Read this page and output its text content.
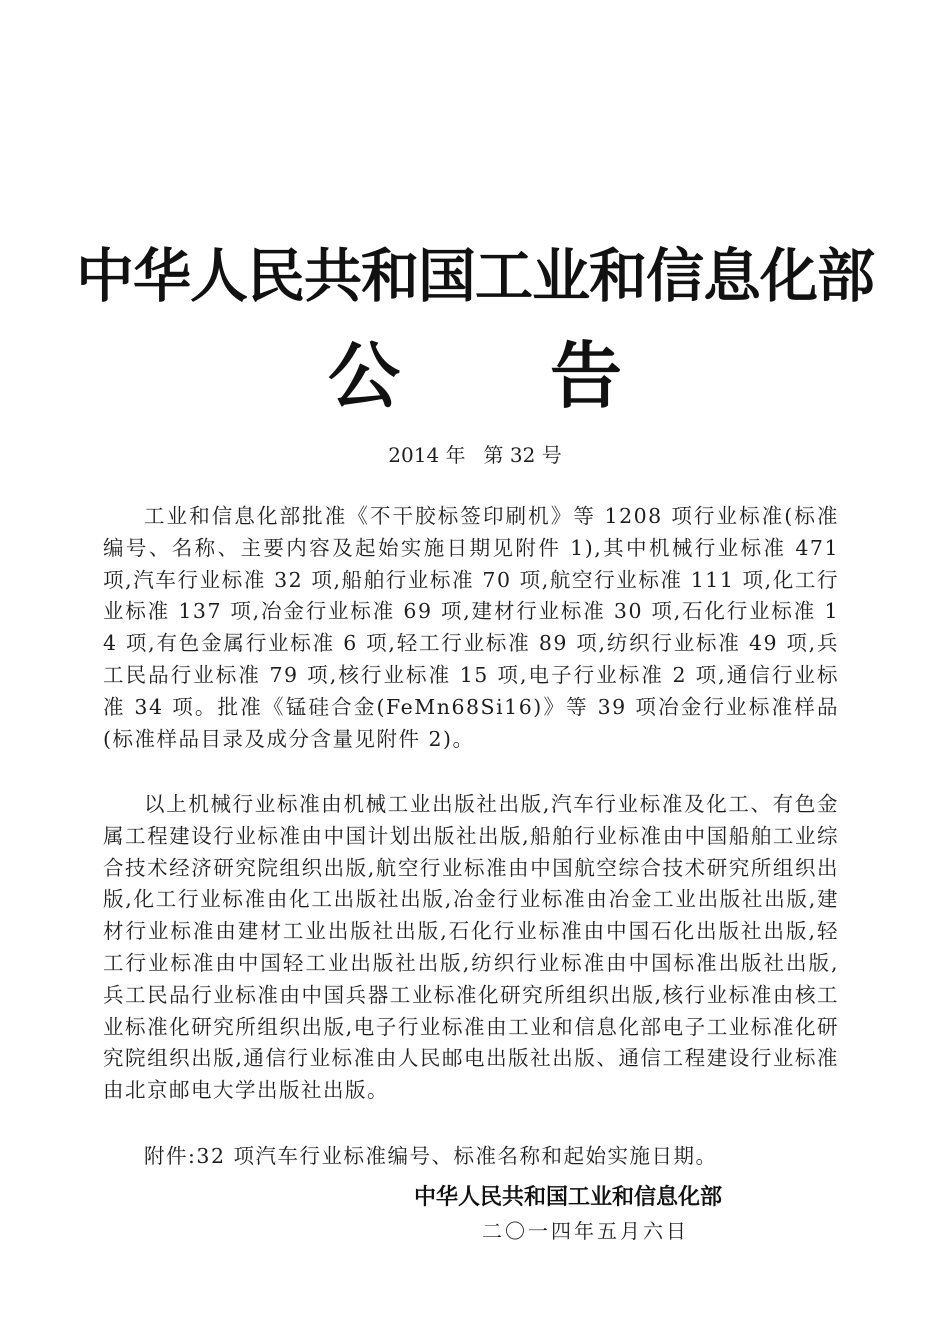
中华人民共和国工业和信息化部
公告
2014 年 第 32 号
工业和信息化部批准《不干胶标签印刷机》等 1208 项行业标准(标准编号、名称、主要内容及起始实施日期见附件 1),其中机械行业标准 471 项,汽车行业标准 32 项,船舶行业标准 70 项,航空行业标准 111 项,化工行业标准 137 项,冶金行业标准 69 项,建材行业标准 30 项,石化行业标准 14 项,有色金属行业标准 6 项,轻工行业标准 89 项,纺织行业标准 49 项,兵工民品行业标准 79 项,核行业标准 15 项,电子行业标准 2 项,通信行业标准 34 项。批准《锰硅合金(FeMn68Si16)》等 39 项冶金行业标准样品(标准样品目录及成分含量见附件 2)。
以上机械行业标准由机械工业出版社出版,汽车行业标准及化工、有色金属工程建设行业标准由中国计划出版社出版,船舶行业标准由中国船舶工业综合技术经济研究院组织出版,航空行业标准由中国航空综合技术研究所组织出版,化工行业标准由化工出版社出版,冶金行业标准由冶金工业出版社出版,建材行业标准由建材工业出版社出版,石化行业标准由中国石化出版社出版,轻工行业标准由中国轻工业出版社出版,纺织行业标准由中国标准出版社出版,兵工民品行业标准由中国兵器工业标准化研究所组织出版,核行业标准由核工业标准化研究所组织出版,电子行业标准由工业和信息化部电子工业标准化研究院组织出版,通信行业标准由人民邮电出版社出版、通信工程建设行业标准由北京邮电大学出版社出版。
附件:32 项汽车行业标准编号、标准名称和起始实施日期。
中华人民共和国工业和信息化部
二〇一四年五月六日
